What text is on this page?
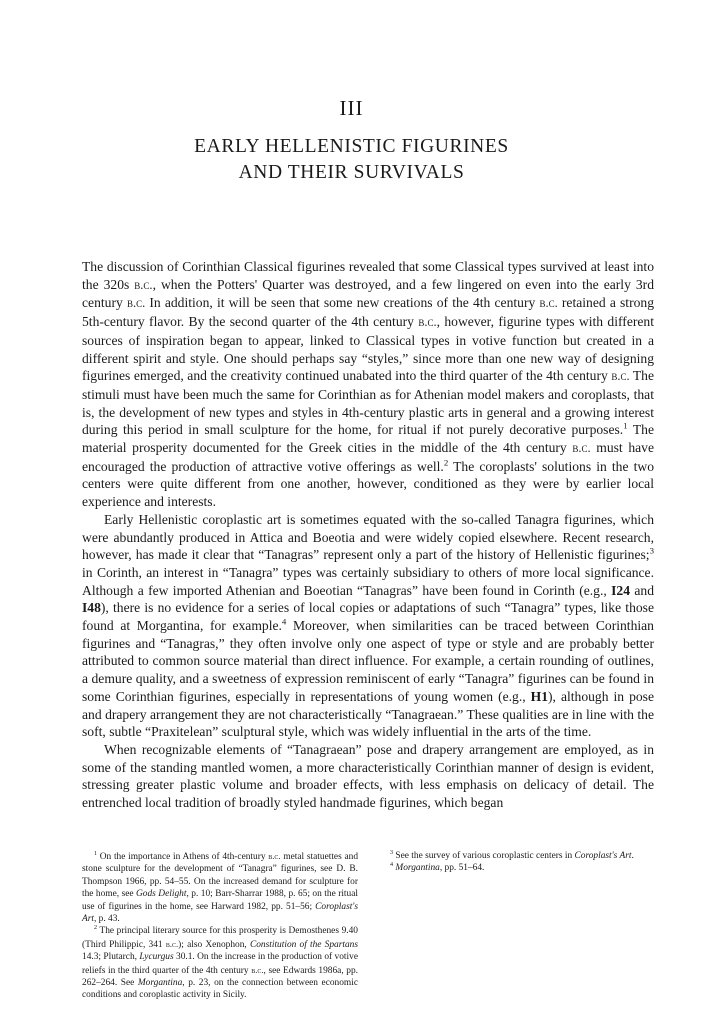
III
EARLY HELLENISTIC FIGURINES
AND THEIR SURVIVALS

The discussion of Corinthian Classical figurines revealed that some Classical types survived at least into the 320s b.c., when the Potters' Quarter was destroyed, and a few lingered on even into the early 3rd century b.c. In addition, it will be seen that some new creations of the 4th century b.c. retained a strong 5th-century flavor. By the second quarter of the 4th century b.c., however, figurine types with different sources of inspiration began to appear, linked to Classical types in votive function but created in a different spirit and style. One should perhaps say “styles,” since more than one new way of designing figurines emerged, and the creativity continued unabated into the third quarter of the 4th century b.c. The stimuli must have been much the same for Corinthian as for Athenian model makers and coroplasts, that is, the development of new types and styles in 4th-century plastic arts in general and a growing interest during this period in small sculpture for the home, for ritual if not purely decorative purposes.$^1$ The material prosperity documented for the Greek cities in the middle of the 4th century b.c. must have encouraged the production of attractive votive offerings as well.$^2$ The coroplasts' solutions in the two centers were quite different from one another, however, conditioned as they were by earlier local experience and interests.

Early Hellenistic coroplastic art is sometimes equated with the so-called Tanagra figurines, which were abundantly produced in Attica and Boeotia and were widely copied elsewhere. Recent research, however, has made it clear that “Tanagras” represent only a part of the history of Hellenistic figurines;$^3$ in Corinth, an interest in “Tanagra” types was certainly subsidiary to others of more local significance. Although a few imported Athenian and Boeotian “Tanagras” have been found in Corinth (e.g., I24 and I48), there is no evidence for a series of local copies or adaptations of such “Tanagra” types, like those found at Morgantina, for example.$^4$ Moreover, when similarities can be traced between Corinthian figurines and “Tanagras,” they often involve only one aspect of type or style and are probably better attributed to common source material than direct influence. For example, a certain rounding of outlines, a demure quality, and a sweetness of expression reminiscent of early “Tanagra” figurines can be found in some Corinthian figurines, especially in representations of young women (e.g., H1), although in pose and drapery arrangement they are not characteristically “Tanagraean.” These qualities are in line with the soft, subtle “Praxitelean” sculptural style, which was widely influential in the arts of the time.

When recognizable elements of “Tanagraean” pose and drapery arrangement are employed, as in some of the standing mantled women, a more characteristically Corinthian manner of design is evident, stressing greater plastic volume and broader effects, with less emphasis on delicacy of detail. The entrenched local tradition of broadly styled handmade figurines, which began

$^1$ On the importance in Athens of 4th-century b.c. metal statuettes and stone sculpture for the development of “Tanagra” figurines, see D. B. Thompson 1966, pp. 54–55. On the increased demand for sculpture for the home, see Gods Delight, p. 10; Barr-Sharrar 1988, p. 65; on the ritual use of figurines in the home, see Harward 1982, pp. 51–56; Coroplast's Art, p. 43.

$^2$ The principal literary source for this prosperity is Demosthenes 9.40 (Third Philippic, 341 b.c.); also Xenophon, Constitution of the Spartans 14.3; Plutarch, Lycurgus 30.1. On the increase in the production of votive reliefs in the third quarter of the 4th century b.c., see Edwards 1986a, pp. 262–264. See Morgantina, p. 23, on the connection between economic conditions and coroplastic activity in Sicily.

$^3$ See the survey of various coroplastic centers in Coroplast's Art.

$^4$ Morgantina, pp. 51–64.
